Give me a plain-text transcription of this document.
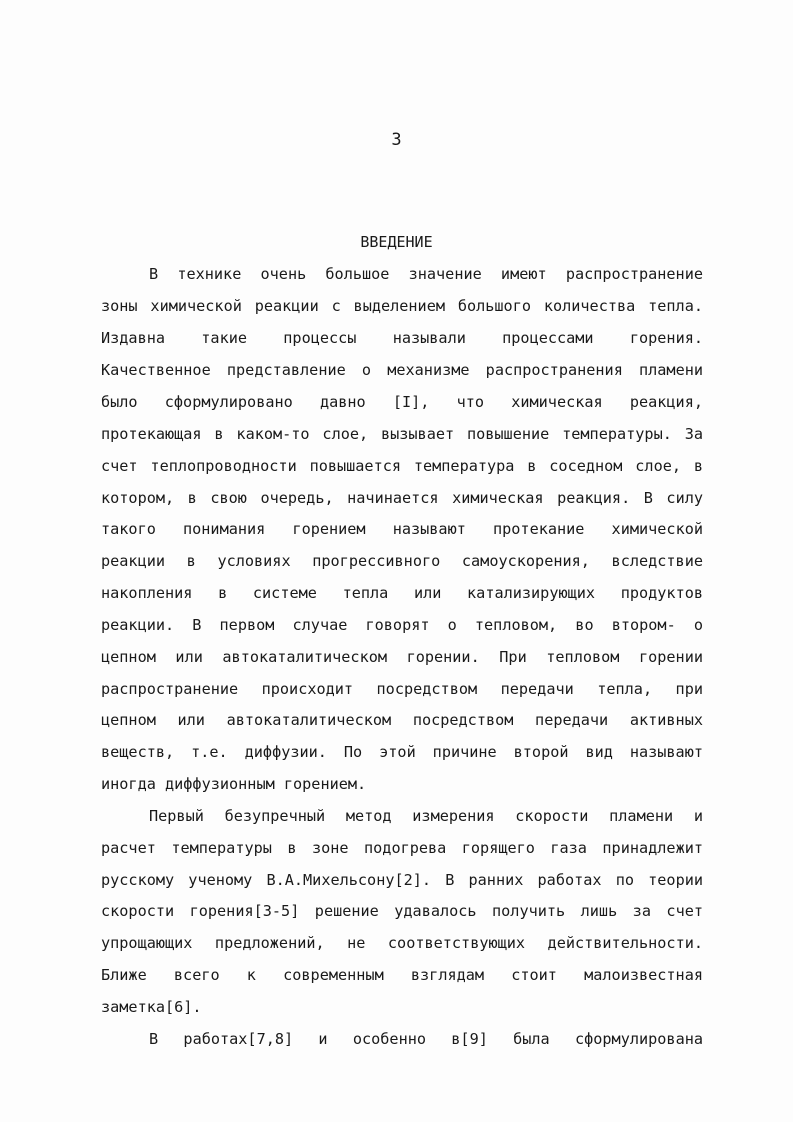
3
ВВЕДЕНИЕ
В технике очень большое значение имеют распространение
зоны химической реакции с выделением большого количества тепла.
Издавна такие процессы называли процессами горения.
Качественное представление о механизме распространения пламени
было сформулировано давно [I], что химическая реакция,
протекающая в каком-то слое, вызывает повышение температуры. За
счет теплопроводности повышается температура в соседном слое, в
котором, в свою очередь, начинается химическая реакция. В силу
такого понимания горением называют протекание химической
реакции в условиях прогрессивного самоускорения, вследствие
накопления в системе тепла или катализирующих продуктов
реакции. В первом случае говорят о тепловом, во втором- о
цепном или автокаталитическом горении. При тепловом горении
распространение происходит посредством передачи тепла, при
цепном или автокаталитическом посредством передачи активных
веществ, т.е. диффузии. По этой причине второй вид называют
иногда диффузионным горением.
Первый безупречный метод измерения скорости пламени и
расчет температуры в зоне подогрева горящего газа принадлежит
русскому ученому В.А.Михельсону[2]. В ранних работах по теории
скорости горения[3-5] решение удавалось получить лишь за счет
упрощающих предложений, не соответствующих действительности.
Ближе всего к современным взглядам стоит малоизвестная
заметка[6].
В работах[7,8] и особенно в[9] была сформулирована
